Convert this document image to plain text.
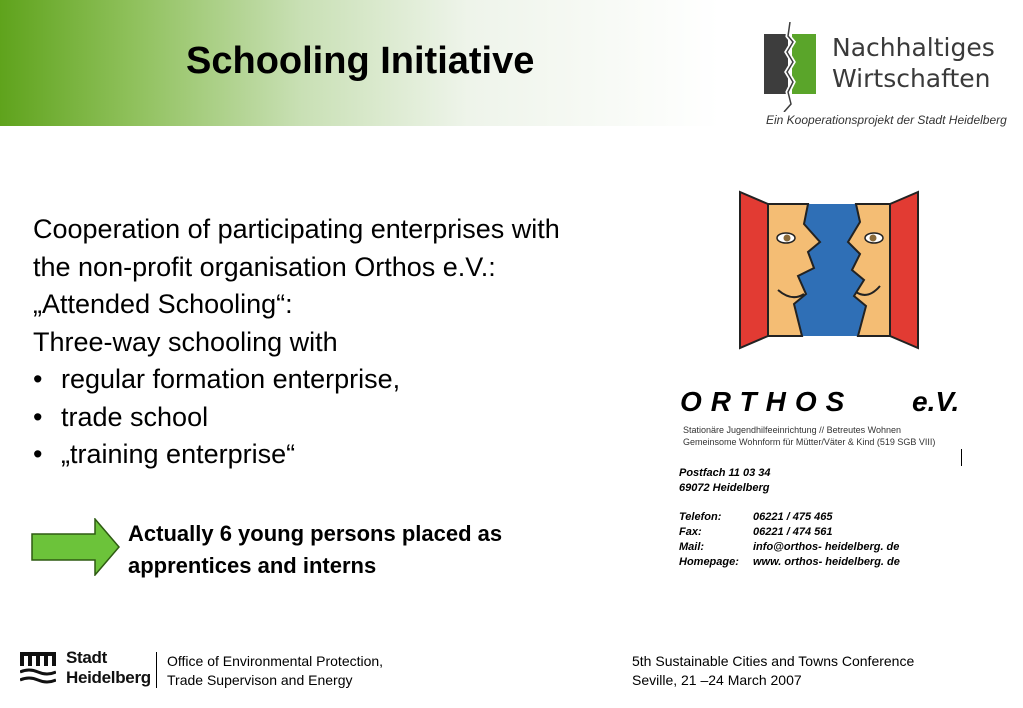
Schooling Initiative	Nachhaltiges
Wirtschaften
Ein Kooperationsprojekt der Stadt Heidelberg
Cooperation of participating enterprises with
the non-profit organisation Orthos e.V.:
„Attended Schooling“:
Three-way schooling with
• regular formation enterprise,
• trade school
• „training enterprise“
Actually 6 young persons placed as apprentices and interns
ORTHOS e.V.
Stationäre Jugendhilfeeinrichtung // Betreutes Wohnen
Gemeinsome Wohnform für Mütter/Väter & Kind (519 SGB VIII)
Postfach 11 03 34
69072 Heidelberg
Telefon:	06221 / 475 465
Fax:	06221 / 474 561
Mail:	info@orthos- heidelberg. de
Homepage:	www. orthos- heidelberg. de
Stadt
Heidelberg
Office of Environmental Protection,
Trade Supervison and Energy
5th Sustainable Cities and Towns Conference
Seville, 21 –24 March 2007
